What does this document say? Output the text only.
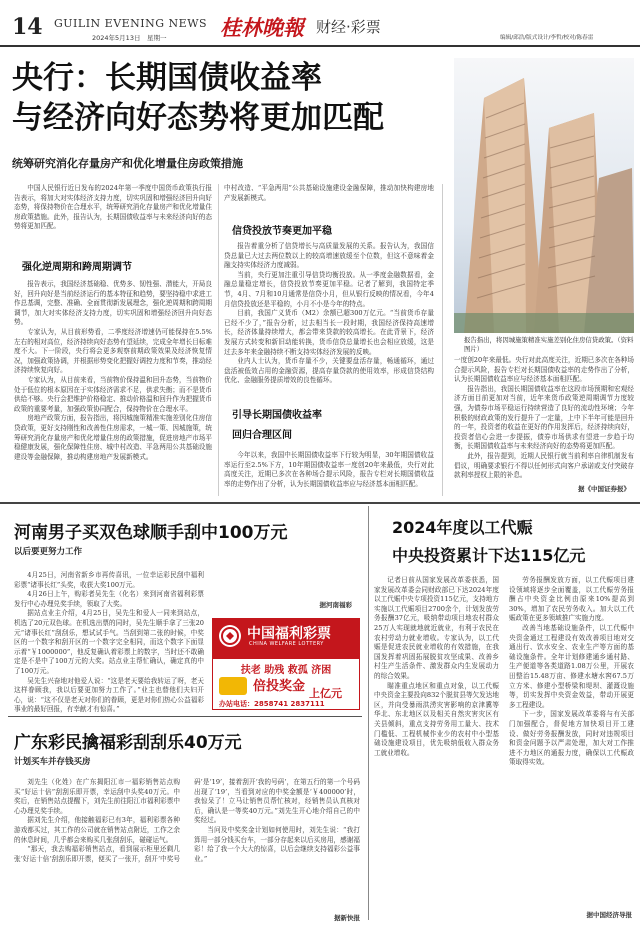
14 GUILIN EVENING NEWS
2024年5月13日　星期一	桂林晚報 财经·彩票
编辑/邱浩/版式设计/李哲/校对/陈春雷
央行：长期国债收益率
与经济向好态势将更加匹配
统筹研究消化存量房产和优化增量住房政策措施
报告指出，将因城施策精准实施差别化住房信贷政策。（资料图片）
中国人民银行近日发布的2024年第一季度中国货币政策执行报告表示，将加大对实体经济支持力度，切实巩固和增强经济回升向好态势，将保持物价在合理水平，统筹研究消化存量房产和优化增量住房政策措施。此外，报告认为，长期国债收益率与未来经济向好的态势将更加匹配。
强化逆周期和跨周期调节
报告表示，我国经济基础稳、优势多、韧性强、潜能大，开局良好，回升向好是当前经济运行的基本特征和趋势，要坚持稳中求进工作总基调，完整、准确、全面贯彻新发展理念，强化逆周期和跨周期调节，加大对实体经济支持力度，切实巩固和增强经济回升向好态势。
专家认为，从目前形势看，二季度经济增速仍可能保持在5.5%左右的相对高位，经济持续向好态势有望延续，完成全年增长目标难度不大。下一阶段，央行将会更多观察前期政策效果及经济恢复情况，加强政策协调，并根据形势变化把握好调控力度和节奏，推动经济持续恢复向好。
专家认为，从目前来看，当前物价保持温和回升态势，当前物价处于低位的根本原因在于实体经济需求不足，供求失衡；而不是货币供给不够。央行会把维护价格稳定、推动价格温和回升作为把握货币政策的重要考量，加强政策协同配合，保持物价在合理水平。
房地产政策方面，报告指出，将因城施策精准实施差别化住房信贷政策，更好支持刚性和改善性住房需求，一城一策、因城施策，统筹研究消化存量房产和优化增量住房的政策措施，促进房地产市场平稳健康发展，强化保障性住房、城中村改造、平急两用公共基础设施建设等金融保障，推动构建房地产发展新模式。
中村改造、“平急两用”公共基础设施建设金融保障，推动加快构建房地产发展新模式。
信贷投放节奏更加平稳
报告着重分析了信贷增长与高质量发展的关系。报告认为，我国信贷总量已大过去两位数以上的较高增速放缓至个位数，但这不意味着金融支持实体经济力度减弱。
当前，央行更加注重引导信贷均衡投放。从一季度金融数据看，金融总量稳定增长，信贷投放节奏更加平稳。记者了解到，我国特定季节，4月、7月和10月通常是信贷小月，但从银行反映的情况看，今年4月信贷投放还是平稳的，小月不小是今年的特点。
目前，我国广义货币（M2）余额已超300万亿元。“当前货币存量已经不少了，”报告分析，过去相当长一段时期，我国经济保持高速增长，经济体量持续增大，都会带来贷款的较高增长。在此背景下，经济发展方式转变和新旧动能转换，货币信贷总量增长也会相应放缓，这是过去多年来金融持续不断支持实体经济发展的反映。
业内人士认为，货币存量不少，关键要盘活存量，畅通循环，通过盘活被低效占用的金融资源，提高存量贷款的使用效率，形成信贷结构优化、金融服务提质增效的良性循环。
引导长期国债收益率
回归合理区间
今年以来，我国中长期国债收益率下行较为明显，30年期国债收益率运行至2.5%下方，10年期国债收益率一度创20年来最低，央行对此高度关注，近期已多次在各种场合提示风险，报告专栏对长期国债收益率的走势作出了分析，认为长期国债收益率应与经济基本面相匹配。
一度创20年来最低。央行对此高度关注，近期已多次在各种场合提示风险，报告专栏对长期国债收益率的走势作出了分析，认为长期国债收益率应与经济基本面相匹配。
报告指出，我国长期国债收益率在这段市场预期和宏观经济方面目前更加对当前，近年来货币政策逆周期调节力度较强，为债券市场平稳运行持续营造了良好的流动性环境；今年积极的财政政策的发行提升了一定量，上中下半年可能是回升的一年，投资者的收益在更好的作用发挥后，经济持续向好，投资者信心会进一步提振，债券市场供求有望进一步趋于均衡，长期国债收益率与未来经济向好的态势将更加匹配。
此外，报告提到，近期人民银行就当前利率自律机制发布倡议，明确要求银行不得以任何形式向客户承诺或支付突破存款利率授权上限的补息。
据《中国证券报》
河南男子买双色球顺手刮中100万元
以后要更努力工作
4月25日，河南省新乡市再传喜讯，一位幸运彩民刮中福利彩票“诸事长红”头奖，收获大奖100万元。
4月26日上午，购彩者吴先生（化名）来到河南省福利彩票发行中心办理兑奖手续，领取了大奖。
据站点业主介绍，4月25日，吴先生和爱人一同来到站点，机选了20元双色球。在机选出票的同时，吴先生顺手拿了三张20元“诸事长红”刮刮乐，想试试手气。当刮到第二张的时候，中奖区的一个数字和刮开区的一个数字完全相同，而这个数字下面显示着“￥1000000”，他反复确认着彩票上的数字，当时还不敢确定是不是中了100万元的大奖。站点业主帮忙确认，确定真的中了100万元。
吴先生兴奋地对他爱人说：“这是老天要给我转运了呀，老天这样眷顾我，我以后要更加努力工作了。”业主也替他们夫妇开心，说：“这不仅是老天对你们的眷顾，更是对你们热心公益福彩事业的最好回报，有幸献才有惊喜。”
据河南福彩
中国福利彩票
CHINA WELFARE LOTTERY
扶老 助残 救孤 济困
倍投奖金 上亿元
办站电话：2858741 2837111
广东彩民擒福彩刮刮乐40万元
计划买车并存钱买房
刘先生（化姓）在广东揭阳江市一福彩销售站点购买“好运十倍”刮刮乐即开票，幸运刮中头奖40万元。中奖后，在销售站点提醒下，刘先生前往阳江市福利彩票中心办理兑奖手续。
据刘先生介绍，他接触福彩已有3年，福利彩票各种游戏都买过，其工作的公司就在销售站点附近，工作之余的休息时间，几乎都会来购买几张刮刮乐，碰碰运气。
“那天，我去购福彩销售站点，看到展示柜里还剩几张‘好运十倍’刮刮乐即开票，便买了一张开，刮开‘中奖号码’是‘19’，接着刮开‘我的号码’，在第五行的第一个号码出现了‘19’，当看到对应的中奖金额是‘￥400000’时，我惊呆了！立马让销售员帮忙核对，经销售员认真核对后，确认是一等奖40万元。”刘先生开心地介绍自己的中奖经过。
当问及中奖奖金计划如何使用时，刘先生说：“我打算用一部分钱买台车，一部分存起来以后买房用，感谢福彩！给了我一个大大的惊喜，以后会继续支持福彩公益事业。”
据新快报
2024年度以工代赈
中央投资累计下达115亿元
记者日前从国家发展改革委获悉，国家发展改革委会同财政部已下达2024年度以工代赈中央专项投资115亿元，支持地方实施以工代赈项目2700余个，计划发放劳务报酬37亿元，吸纳带动项目地农村群众25万人实现就地就近就业，有利于农民在农村劳动力就业增收。专家认为，以工代赈是促进农民就业增收的有效措施，在我国发挥着巩固拓展脱贫攻坚成果、改善乡村生产生活条件、激发群众内生发展动力的综合效果。
瞄准重点地区和重点对象，以工代赈中央资金主要投向832个脱贫县等欠发达地区，并向受暴雨洪涝灾害影响的京津冀等华北、东北地区以及相关自然灾害灾区有关县倾斜，重点支持劳务用工量大、技术门槛低、工程机械作业少的农村中小型基础设施建设项目，优先吸纳低收入群众务工就业增收。
劳务报酬发放方面，以工代赈项目建设领域将逐步全面覆盖，以工代赈劳务报酬占中央资金比例由原来10%提高到30%，增加了农民劳务收入。加大以工代赈政策在更多领域推广实施力度。
改善当地基础设施条件，以工代赈中央资金通过工程建设有效改善项目地对交通出行、饮水安全、农业生产等方面的基础设施条件。全年计划修建通乡通村路、生产便道等各类道路1.08万公里，开展农田整治15.48万亩、修建水塘水窖67.5万立方米、修建小型桥梁和堤坝、灌溉设施等，切实发挥中央资金效益，带动开展更多工程建设。
下一步，国家发展改革委将与有关部门加强配合，督促地方加快项目开工建设、做好劳务报酬发放，同时对违规项目和资金问题予以严肃处理，加大对工作推进不力地区的通报力度，确保以工代赈政策取得实效。
据中国经济导报
